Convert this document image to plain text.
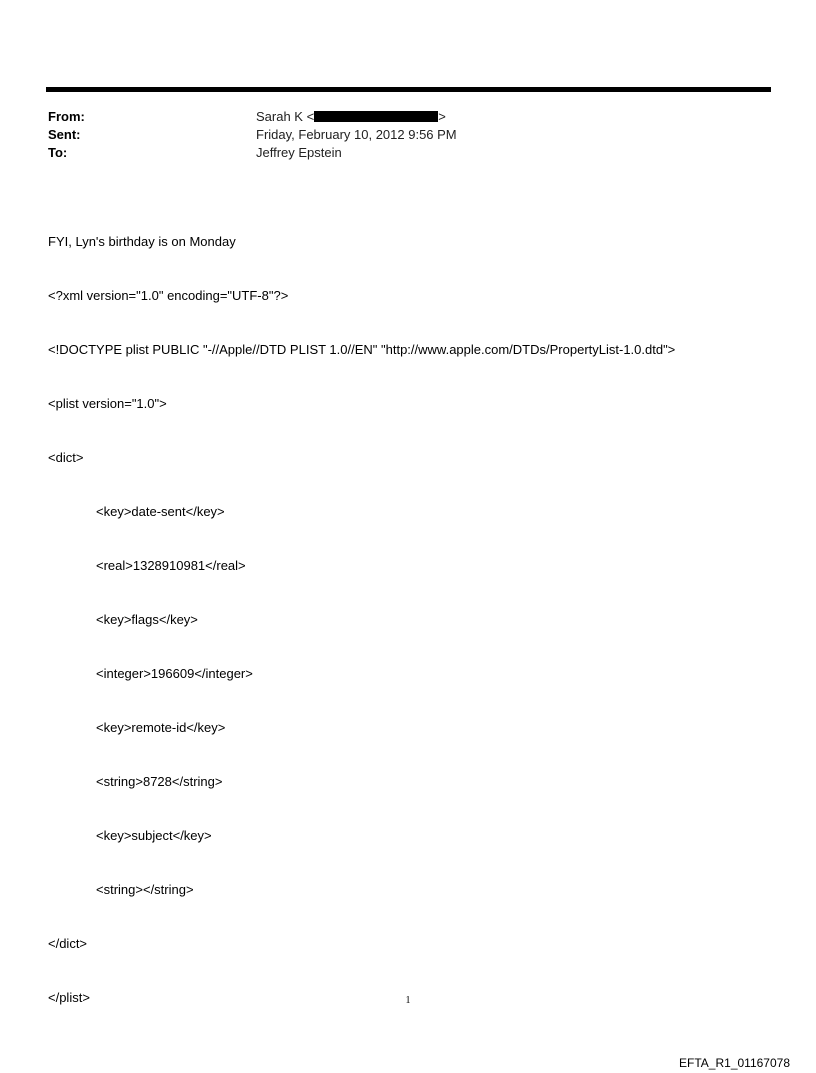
From:	Sarah K <	>
Sent:	Friday, February 10, 2012 9:56 PM
To:	Jeffrey Epstein

FYI, Lyn's birthday is on Monday

<?xml version="1.0" encoding="UTF-8"?>

<!DOCTYPE plist PUBLIC "-//Apple//DTD PLIST 1.0//EN" "http://www.apple.com/DTDs/PropertyList-1.0.dtd">

<plist version="1.0">

<dict>

<key>date-sent</key>

<real>1328910981</real>

<key>flags</key>

<integer>196609</integer>

<key>remote-id</key>

<string>8728</string>

<key>subject</key>

<string></string>

</dict>

</plist>	1
EFTA_R1_01167078
